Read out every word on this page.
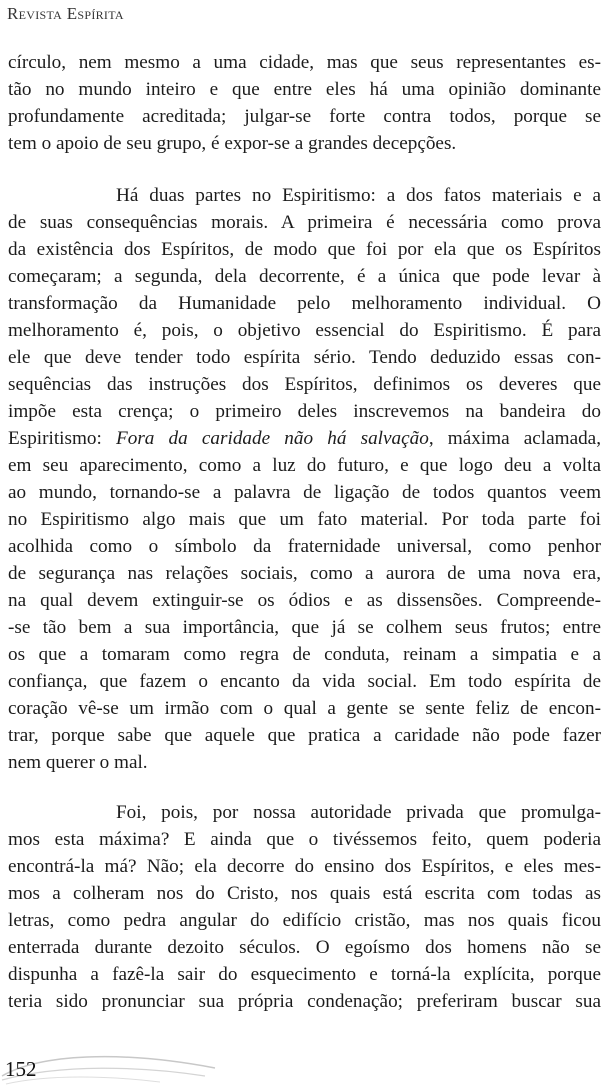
Revista Espírita
círculo, nem mesmo a uma cidade, mas que seus representantes es-
tão no mundo inteiro e que entre eles há uma opinião dominante
profundamente acreditada; julgar-se forte contra todos, porque se
tem o apoio de seu grupo, é expor-se a grandes decepções.
Há duas partes no Espiritismo: a dos fatos materiais e a
de suas consequências morais. A primeira é necessária como prova
da existência dos Espíritos, de modo que foi por ela que os Espíritos
começaram; a segunda, dela decorrente, é a única que pode levar à
transformação da Humanidade pelo melhoramento individual. O
melhoramento é, pois, o objetivo essencial do Espiritismo. É para
ele que deve tender todo espírita sério. Tendo deduzido essas con-
sequências das instruções dos Espíritos, definimos os deveres que
impõe esta crença; o primeiro deles inscrevemos na bandeira do
Espiritismo: Fora da caridade não há salvação, máxima aclamada,
em seu aparecimento, como a luz do futuro, e que logo deu a volta
ao mundo, tornando-se a palavra de ligação de todos quantos veem
no Espiritismo algo mais que um fato material. Por toda parte foi
acolhida como o símbolo da fraternidade universal, como penhor
de segurança nas relações sociais, como a aurora de uma nova era,
na qual devem extinguir-se os ódios e as dissensões. Compreende-
-se tão bem a sua importância, que já se colhem seus frutos; entre
os que a tomaram como regra de conduta, reinam a simpatia e a
confiança, que fazem o encanto da vida social. Em todo espírita de
coração vê-se um irmão com o qual a gente se sente feliz de encon-
trar, porque sabe que aquele que pratica a caridade não pode fazer
nem querer o mal.
Foi, pois, por nossa autoridade privada que promulga-
mos esta máxima? E ainda que o tivéssemos feito, quem poderia
encontrá-la má? Não; ela decorre do ensino dos Espíritos, e eles mes-
mos a colheram nos do Cristo, nos quais está escrita com todas as
letras, como pedra angular do edifício cristão, mas nos quais ficou
enterrada durante dezoito séculos. O egoísmo dos homens não se
dispunha a fazê-la sair do esquecimento e torná-la explícita, porque
teria sido pronunciar sua própria condenação; preferiram buscar sua
152
